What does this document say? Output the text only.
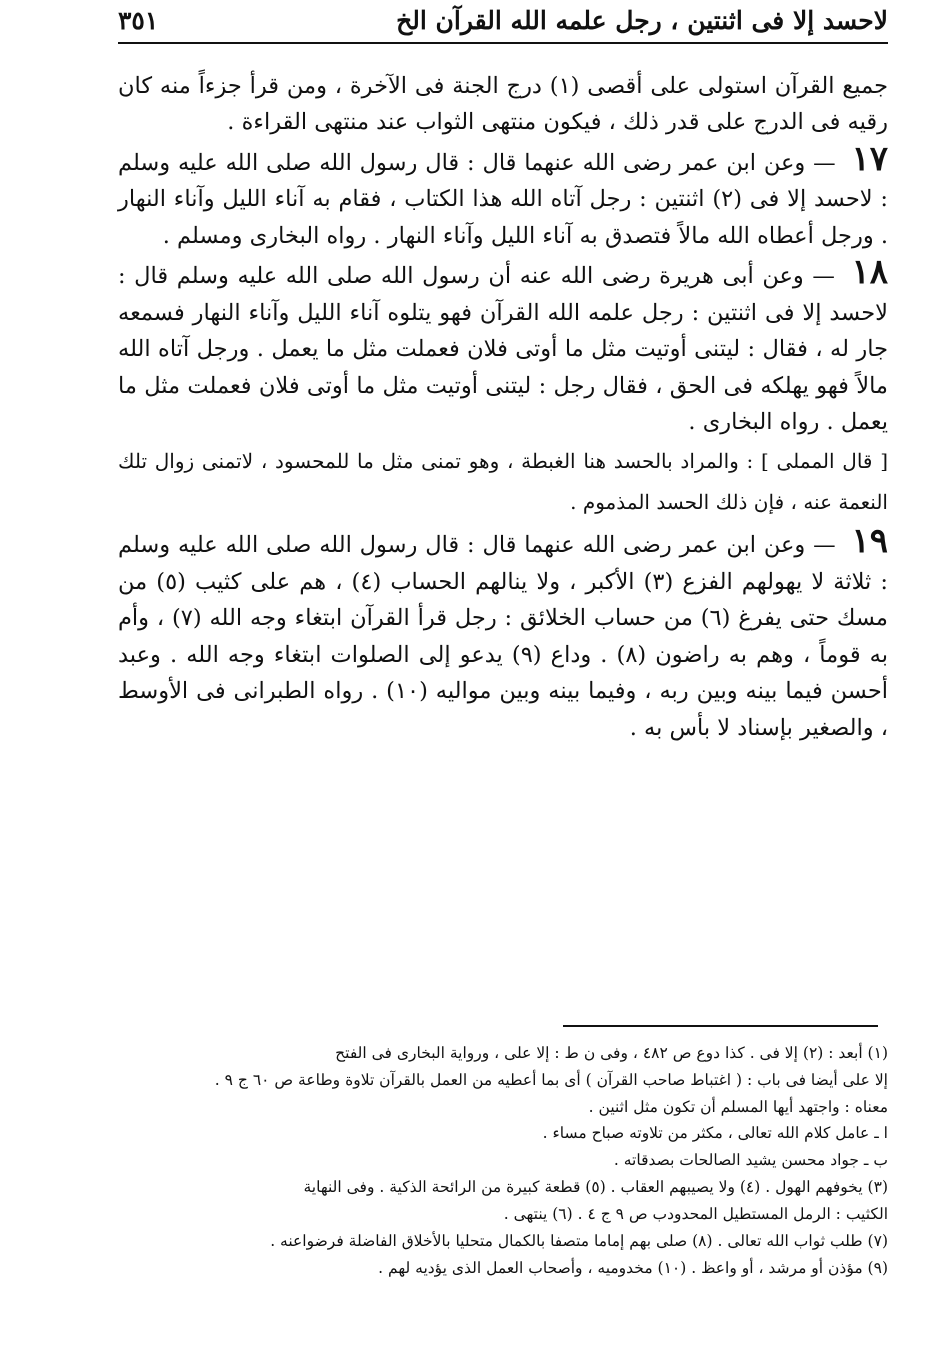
لاحسد إلا فى اثنتين ، رجل علمه الله القرآن الخ
٣٥١

جميع القرآن استولى على أقصى (١) درج الجنة فى الآخرة ، ومن قرأ جزءاً منه كان رقيه فى الدرج على قدر ذلك ، فيكون منتهى الثواب عند منتهى القراءة .

١٧ — وعن ابن عمر رضى الله عنهما قال : قال رسول الله صلى الله عليه وسلم : لاحسد إلا فى (٢) اثنتين : رجل آتاه الله هذا الكتاب ، فقام به آناء الليل وآناء النهار . ورجل أعطاه الله مالاً فتصدق به آناء الليل وآناء النهار . رواه البخارى ومسلم .

١٨ — وعن أبى هريرة رضى الله عنه أن رسول الله صلى الله عليه وسلم قال : لاحسد إلا فى اثنتين : رجل علمه الله القرآن فهو يتلوه آناء الليل وآناء النهار فسمعه جار له ، فقال : ليتنى أوتيت مثل ما أوتى فلان فعملت مثل ما يعمل . ورجل آتاه الله مالاً فهو يهلكه فى الحق ، فقال رجل : ليتنى أوتيت مثل ما أوتى فلان فعملت مثل ما يعمل . رواه البخارى .

[ قال المملى ] : والمراد بالحسد هنا الغبطة ، وهو تمنى مثل ما للمحسود ، لاتمنى زوال تلك النعمة عنه ، فإن ذلك الحسد المذموم .

١٩ — وعن ابن عمر رضى الله عنهما قال : قال رسول الله صلى الله عليه وسلم : ثلاثة لا يهولهم الفزع (٣) الأكبر ، ولا ينالهم الحساب (٤) ، هم على كثيب (٥) من مسك حتى يفرغ (٦) من حساب الخلائق : رجل قرأ القرآن ابتغاء وجه الله (٧) ، وأم به قوماً ، وهم به راضون (٨) . وداع (٩) يدعو إلى الصلوات ابتغاء وجه الله . وعبد أحسن فيما بينه وبين ربه ، وفيما بينه وبين مواليه (١٠) . رواه الطبرانى فى الأوسط ، والصغير بإسناد لا بأس به .

(١) أبعد : (٢) إلا فى . كذا دوع ص ٤٨٢ ، وفى ن ط : إلا على ، ورواية البخارى فى الفتح

إلا على أيضا فى باب : ( اغتباط صاحب القرآن ) أى بما أعطيه من العمل بالقرآن تلاوة وطاعة ص ٦٠ ج ٩ .

معناه : واجتهد أيها المسلم أن تكون مثل اثنين .

ا ـ عامل كلام الله تعالى ، مكثر من تلاوته صباح مساء .

ب ـ جواد محسن يشيد الصالحات بصدقاته .

(٣) يخوفهم الهول . (٤) ولا يصيبهم العقاب . (٥) قطعة كبيرة من الرائحة الذكية . وفى النهاية

الكثيب : الرمل المستطيل المحدودب ص ٩ ج ٤ . (٦) ينتهى .

(٧) طلب ثواب الله تعالى . (٨) صلى بهم إماما متصفا بالكمال متحليا بالأخلاق الفاضلة فرضواعنه .

(٩) مؤذن أو مرشد ، أو واعظ . (١٠) مخدوميه ، وأصحاب العمل الذى يؤديه لهم .
